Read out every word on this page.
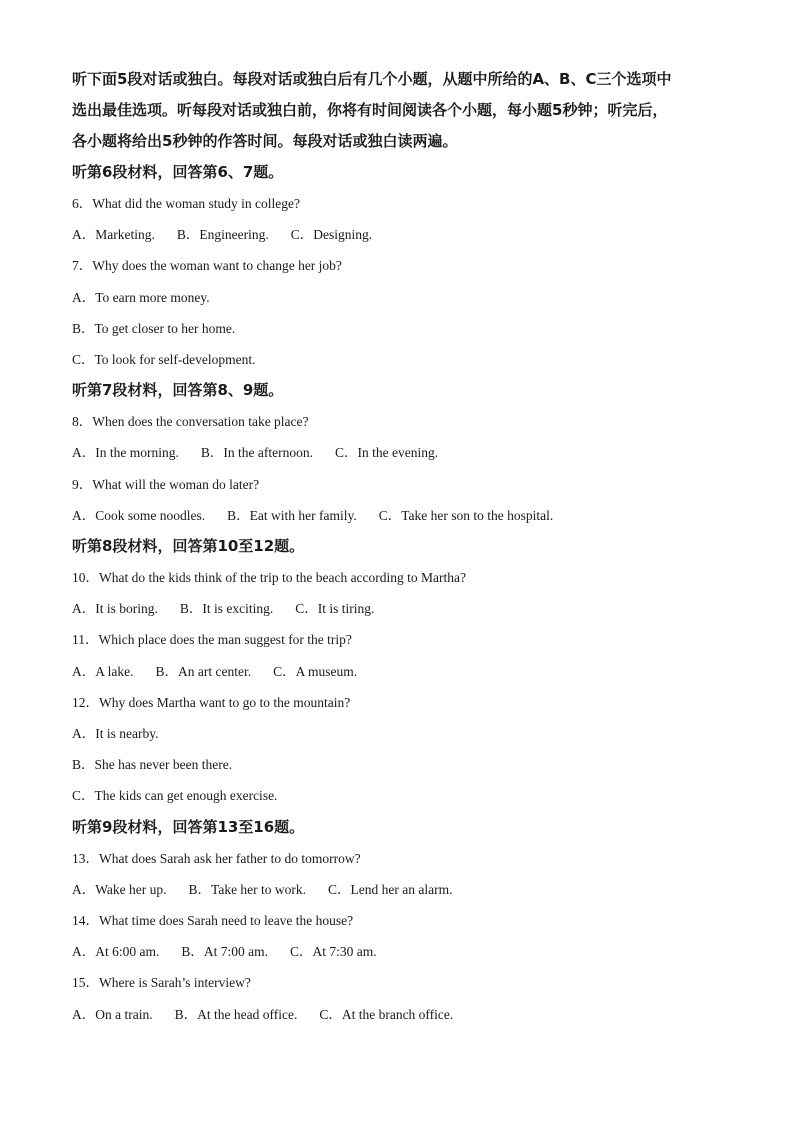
听下面5段对话或独白。每段对话或独白后有几个小题，从题中所给的A、B、C三个选项中

选出最佳选项。听每段对话或独白前，你将有时间阅读各个小题，每小题5秒钟；听完后，

各小题将给出5秒钟的作答时间。每段对话或独白读两遍。

听第6段材料，回答第6、7题。

6．What did the woman study in college?

A．Marketing. B．Engineering. C．Designing.

7．Why does the woman want to change her job?

A．To earn more money.

B．To get closer to her home.

C．To look for self-development.

听第7段材料，回答第8、9题。

8．When does the conversation take place?

A．In the morning. B．In the afternoon. C．In the evening.

9．What will the woman do later?

A．Cook some noodles. B．Eat with her family. C．Take her son to the hospital.

听第8段材料，回答第10至12题。

10．What do the kids think of the trip to the beach according to Martha?

A．It is boring. B．It is exciting. C．It is tiring.

11．Which place does the man suggest for the trip?

A．A lake. B．An art center. C．A museum.

12．Why does Martha want to go to the mountain?

A．It is nearby.

B．She has never been there.

C．The kids can get enough exercise.

听第9段材料，回答第13至16题。

13．What does Sarah ask her father to do tomorrow?

A．Wake her up. B．Take her to work. C．Lend her an alarm.

14．What time does Sarah need to leave the house?

A．At 6:00 am. B．At 7:00 am. C．At 7:30 am.

15．Where is Sarah’s interview?

A．On a train. B．At the head office. C．At the branch office.
